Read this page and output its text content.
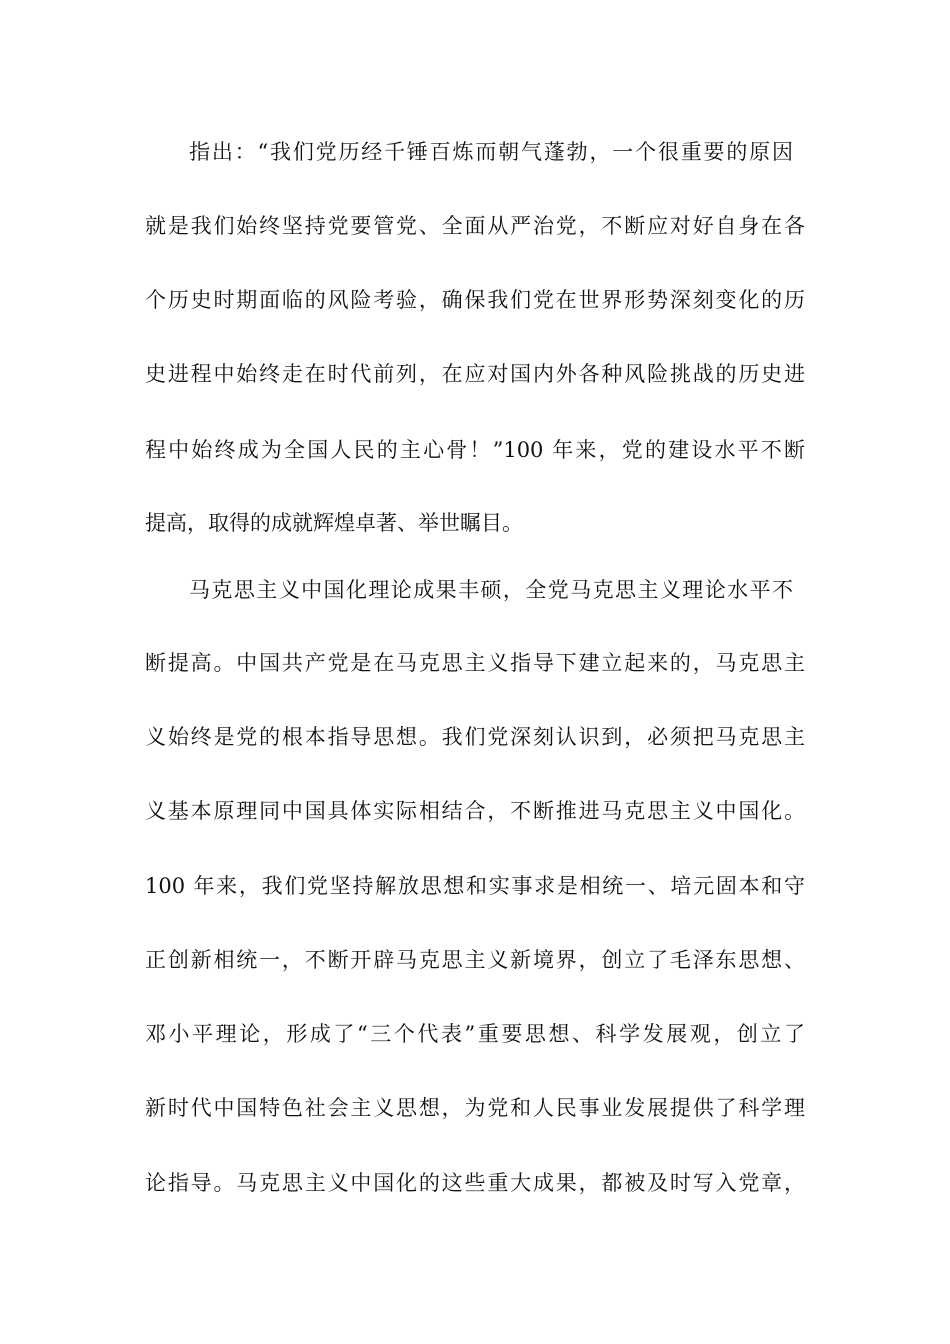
指出：“我们党历经千锤百炼而朝气蓬勃，一个很重要的原因

就是我们始终坚持党要管党、全面从严治党，不断应对好自身在各

个历史时期面临的风险考验，确保我们党在世界形势深刻变化的历

史进程中始终走在时代前列，在应对国内外各种风险挑战的历史进

程中始终成为全国人民的主心骨！”100 年来，党的建设水平不断

提高，取得的成就辉煌卓著、举世瞩目。

马克思主义中国化理论成果丰硕，全党马克思主义理论水平不

断提高。中国共产党是在马克思主义指导下建立起来的，马克思主

义始终是党的根本指导思想。我们党深刻认识到，必须把马克思主

义基本原理同中国具体实际相结合，不断推进马克思主义中国化。

100 年来，我们党坚持解放思想和实事求是相统一、培元固本和守

正创新相统一，不断开辟马克思主义新境界，创立了毛泽东思想、

邓小平理论，形成了“三个代表”重要思想、科学发展观，创立了

新时代中国特色社会主义思想，为党和人民事业发展提供了科学理

论指导。马克思主义中国化的这些重大成果，都被及时写入党章，
